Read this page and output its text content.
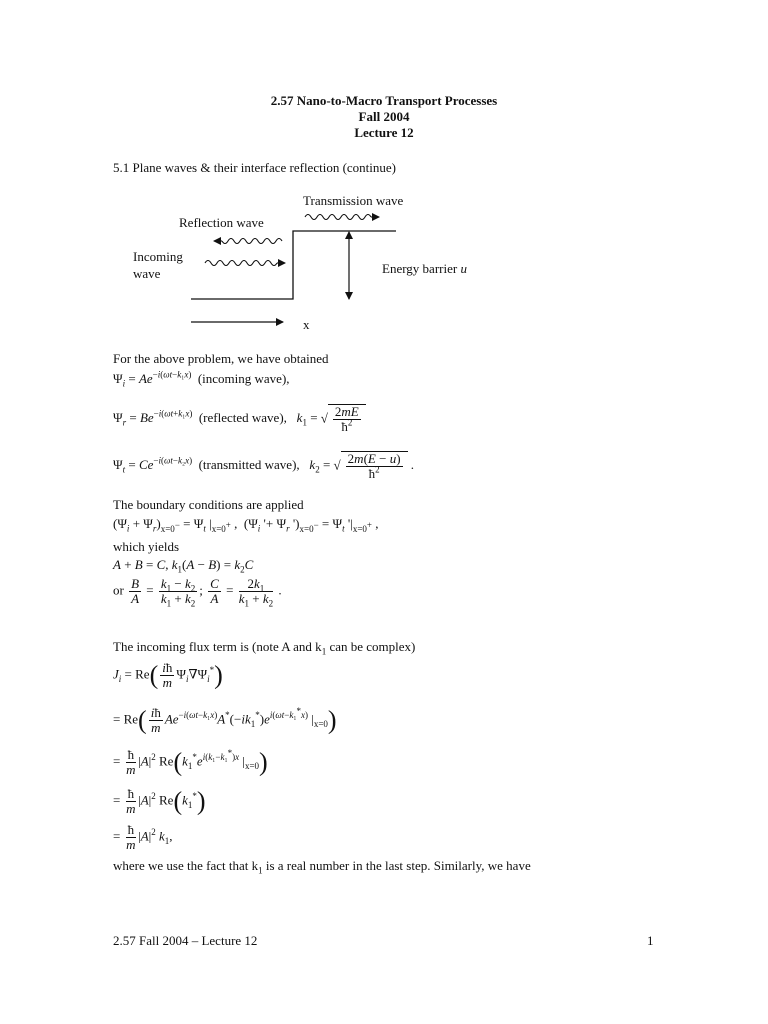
2.57 Nano-to-Macro Transport Processes
Fall 2004
Lecture 12
5.1 Plane waves & their interface reflection (continue)
Transmission wave
Reflection wave
Incoming
wave	Energy barrier u
x
For the above problem, we have obtained
$\Psi_i = Ae^{-i(\omega t-k_1x)}$ (incoming wave),
$\Psi_r = Be^{-i(\omega t+k_1x)}$ (reflected wave), $k_1$ = √ $\frac{2mE}{ħ^2}$
$\Psi_t = Ce^{-i(\omega t-k_2x)}$ (transmitted wave), $k_2$ = √ $\frac{2m(E - u)}{ħ^2}$ .
The boundary conditions are applied
$(\Psi_i + \Psi_r)_{x=0^-} = \Psi_t$ $|_{x=0^+}$ ,  ($\Psi_i$ '+ $\Psi_r$ ')$_{x=0^-} = \Psi_t$ '$|_{x=0^+}$ ,
which yields
A + B = C, $k_1(A - B) = k_2C$
or $\frac{B}{A} = \frac{k_1 - k_2}{k_1 + k_2}$ ; $\frac{C}{A} = \frac{2k_1}{k_1 + k_2}$ .
The incoming flux term is (note A and $k_1$ can be complex)
$J_i = Re( \frac{iħ}{m} \Psi_i\nabla\Psi_i^*)$
= $Re( \frac{iħ}{m} Ae^{-i(\omega t-k_1x)}A^*(-ik_1^*)e^{i(\omega t-k_1^*x)}$ $|_{x=0}$)
= $\frac{ħ}{m} |A|^2$ $Re(k_1^*e^{i(k_1-k_1^*)x}$ $|_{x=0}$)
= $\frac{ħ}{m} |A|^2$ $Re(k_1^*)$
= $\frac{ħ}{m} |A|^2$ $k_1$,
where we use the fact that $k_1$ is a real number in the last step. Similarly, we have
2.57 Fall 2004 – Lecture 12	1
